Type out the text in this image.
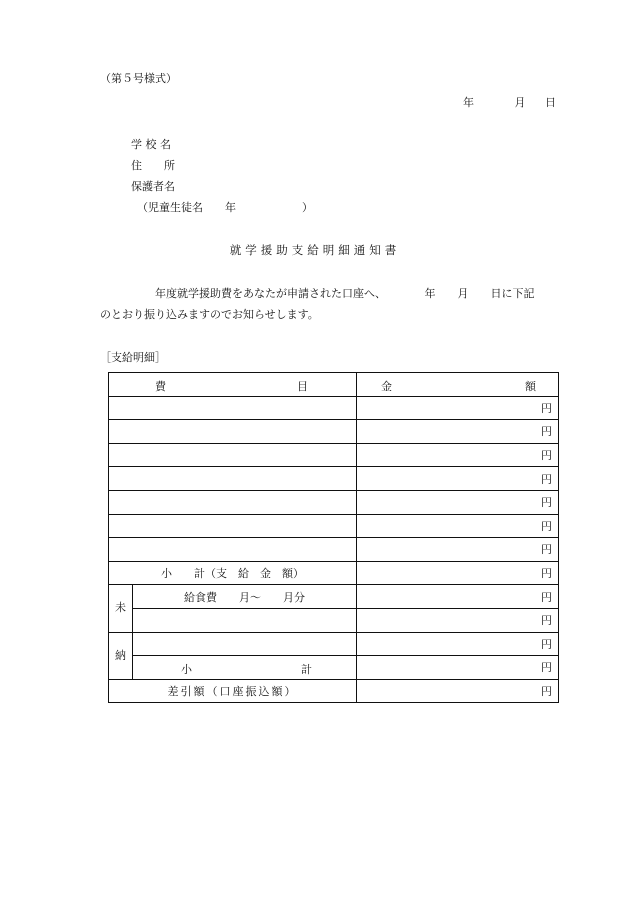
（第５号様式）
年	月 日
学 校 名
住　　所
保護者名
（児童生徒名　　年　　　　　　）
就学援助支給明細通知書
年度就学援助費をあなたが申請された口座へ、　　　　年　　月　　日に下記
のとおり振り込みますのでお知らせします。
［支給明細］
費 目		金 額

		円
		円
		円
		円
		円
		円
		円
小　　計（支　給　金　額）		円

未	給食費　　月～　　月分	円
		円

納		円

	小 計	円
差引額（口座振込額）		円
